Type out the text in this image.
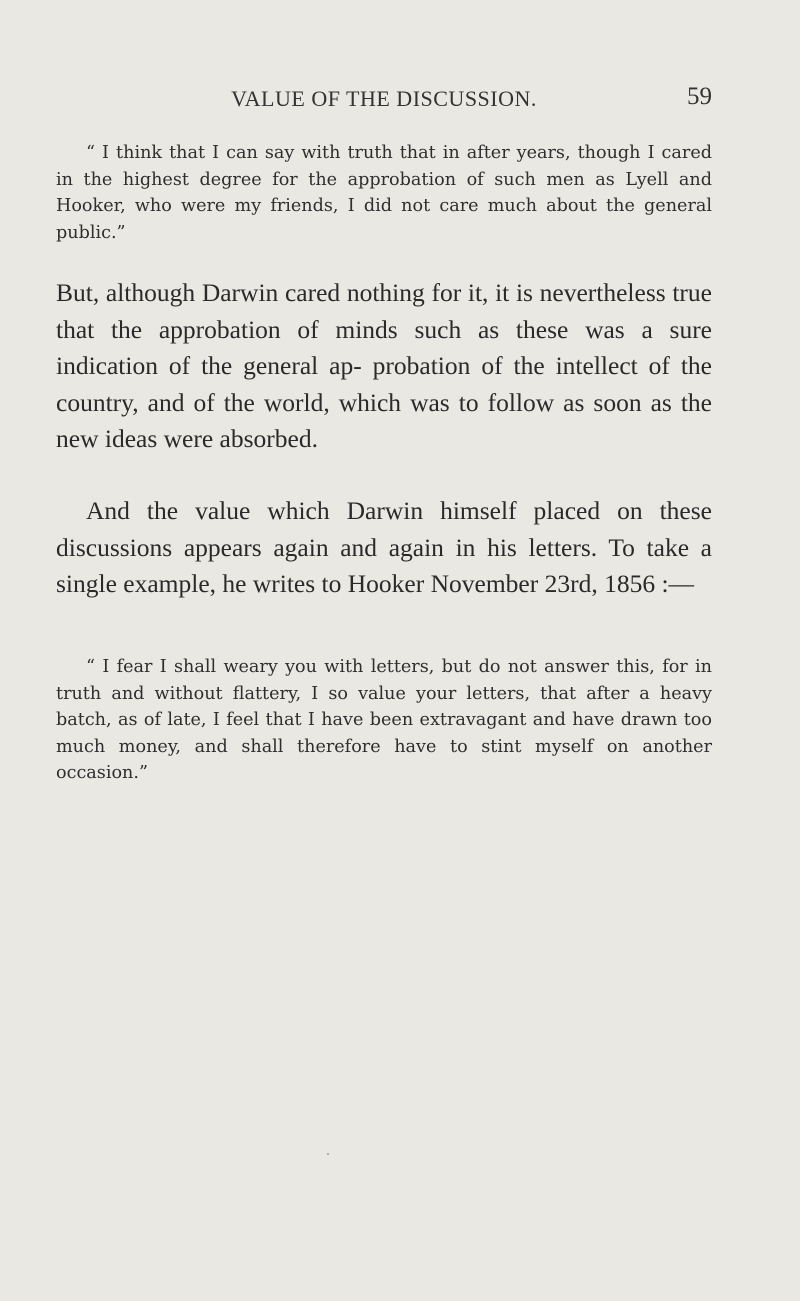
VALUE OF THE DISCUSSION.	59
“ I think that I can say with truth that in after years, though I cared in the highest degree for the approbation of such men as Lyell and Hooker, who were my friends, I did not care much about the general public.”
But, although Darwin cared nothing for it, it is nevertheless true that the approbation of minds such as these was a sure indication of the general ap- probation of the intellect of the country, and of the world, which was to follow as soon as the new ideas were absorbed.
And the value which Darwin himself placed on these discussions appears again and again in his letters. To take a single example, he writes to Hooker November 23rd, 1856 :—
“ I fear I shall weary you with letters, but do not answer this, for in truth and without flattery, I so value your letters, that after a heavy batch, as of late, I feel that I have been extravagant and have drawn too much money, and shall therefore have to stint myself on another occasion.”
